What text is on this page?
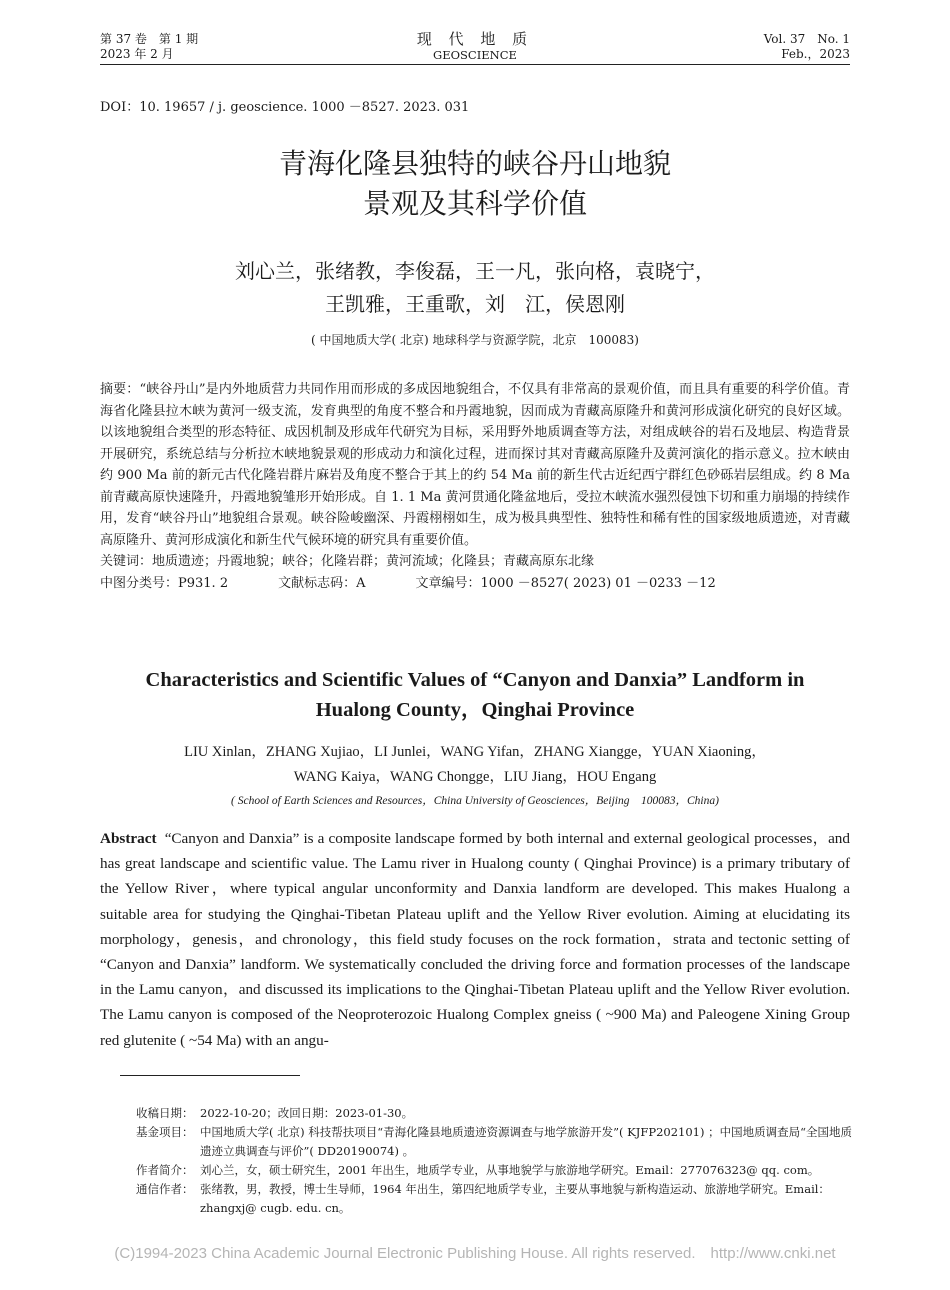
第 37 卷　第 1 期
2023 年 2 月
现 代 地 质
GEOSCIENCE
Vol. 37　No. 1
Feb.，2023
DOI：10. 19657 / j. geoscience. 1000 －8527. 2023. 031
青海化隆县独特的峡谷丹山地貌
景观及其科学价值
刘心兰，张绪教，李俊磊，王一凡，张向格，袁晓宁，
王凯雅，王重歌，刘　江，侯恩刚
( 中国地质大学( 北京) 地球科学与资源学院，北京　100083)

摘要：“峡谷丹山”是内外地质营力共同作用而形成的多成因地貌组合，不仅具有非常高的景观价值，而且具有重要的科学价值。青海省化隆县拉木峡为黄河一级支流，发育典型的角度不整合和丹霞地貌，因而成为青藏高原隆升和黄河形成演化研究的良好区域。以该地貌组合类型的形态特征、成因机制及形成年代研究为目标，采用野外地质调查等方法，对组成峡谷的岩石及地层、构造背景开展研究，系统总结与分析拉木峡地貌景观的形成动力和演化过程，进而探讨其对青藏高原隆升及黄河演化的指示意义。拉木峡由约 900 Ma 前的新元古代化隆岩群片麻岩及角度不整合于其上的约 54 Ma 前的新生代古近纪西宁群红色砂砾岩层组成。约 8 Ma 前青藏高原快速隆升，丹霞地貌雏形开始形成。自 1. 1 Ma 黄河贯通化隆盆地后，受拉木峡流水强烈侵蚀下切和重力崩塌的持续作用，发育“峡谷丹山”地貌组合景观。峡谷险峻幽深、丹霞栩栩如生，成为极具典型性、独特性和稀有性的国家级地质遗迹，对青藏高原隆升、黄河形成演化和新生代气候环境的研究具有重要价值。

关键词：地质遗迹；丹霞地貌；峡谷；化隆岩群；黄河流域；化隆县；青藏高原东北缘

中图分类号：P931. 2	文献标志码：A	文章编号：1000 －8527( 2023) 01 －0233 －12

Characteristics and Scientific Values of “Canyon and Danxia” Landform in
Hualong County，Qinghai Province
LIU Xinlan，ZHANG Xujiao，LI Junlei，WANG Yifan，ZHANG Xiangge，YUAN Xiaoning，
WANG Kaiya，WANG Chongge，LIU Jiang，HOU Engang
( School of Earth Sciences and Resources，China University of Geosciences，Beijing　100083，China)

Abstract “Canyon and Danxia” is a composite landscape formed by both internal and external geological processes，and has great landscape and scientific value. The Lamu river in Hualong county ( Qinghai Province) is a primary tributary of the Yellow River，where typical angular unconformity and Danxia landform are developed. This makes Hualong a suitable area for studying the Qinghai-Tibetan Plateau uplift and the Yellow River evolution. Aiming at elucidating its morphology，genesis，and chronology，this field study focuses on the rock formation，strata and tectonic setting of “Canyon and Danxia” landform. We systematically concluded the driving force and formation processes of the landscape in the Lamu canyon，and discussed its implications to the Qinghai-Tibetan Plateau uplift and the Yellow River evolution. The Lamu canyon is composed of the Neoproterozoic Hualong Complex gneiss ( ~900 Ma) and Paleogene Xining Group red glutenite ( ~54 Ma) with an angu-

收稿日期： 2022-10-20；改回日期：2023-01-30。
基金项目： 中国地质大学( 北京) 科技帮扶项目“青海化隆县地质遗迹资源调查与地学旅游开发”( KJFP202101) ；中国地质调查局“全国地质遗迹立典调查与评价”( DD20190074) 。
作者简介： 刘心兰，女，硕士研究生，2001 年出生，地质学专业，从事地貌学与旅游地学研究。Email：277076323@ qq. com。
通信作者： 张绪教，男，教授，博士生导师，1964 年出生，第四纪地质学专业，主要从事地貌与新构造运动、旅游地学研究。Email：zhangxj@ cugb. edu. cn。
(C)1994-2023 China Academic Journal Electronic Publishing House. All rights reserved.　http://www.cnki.net
